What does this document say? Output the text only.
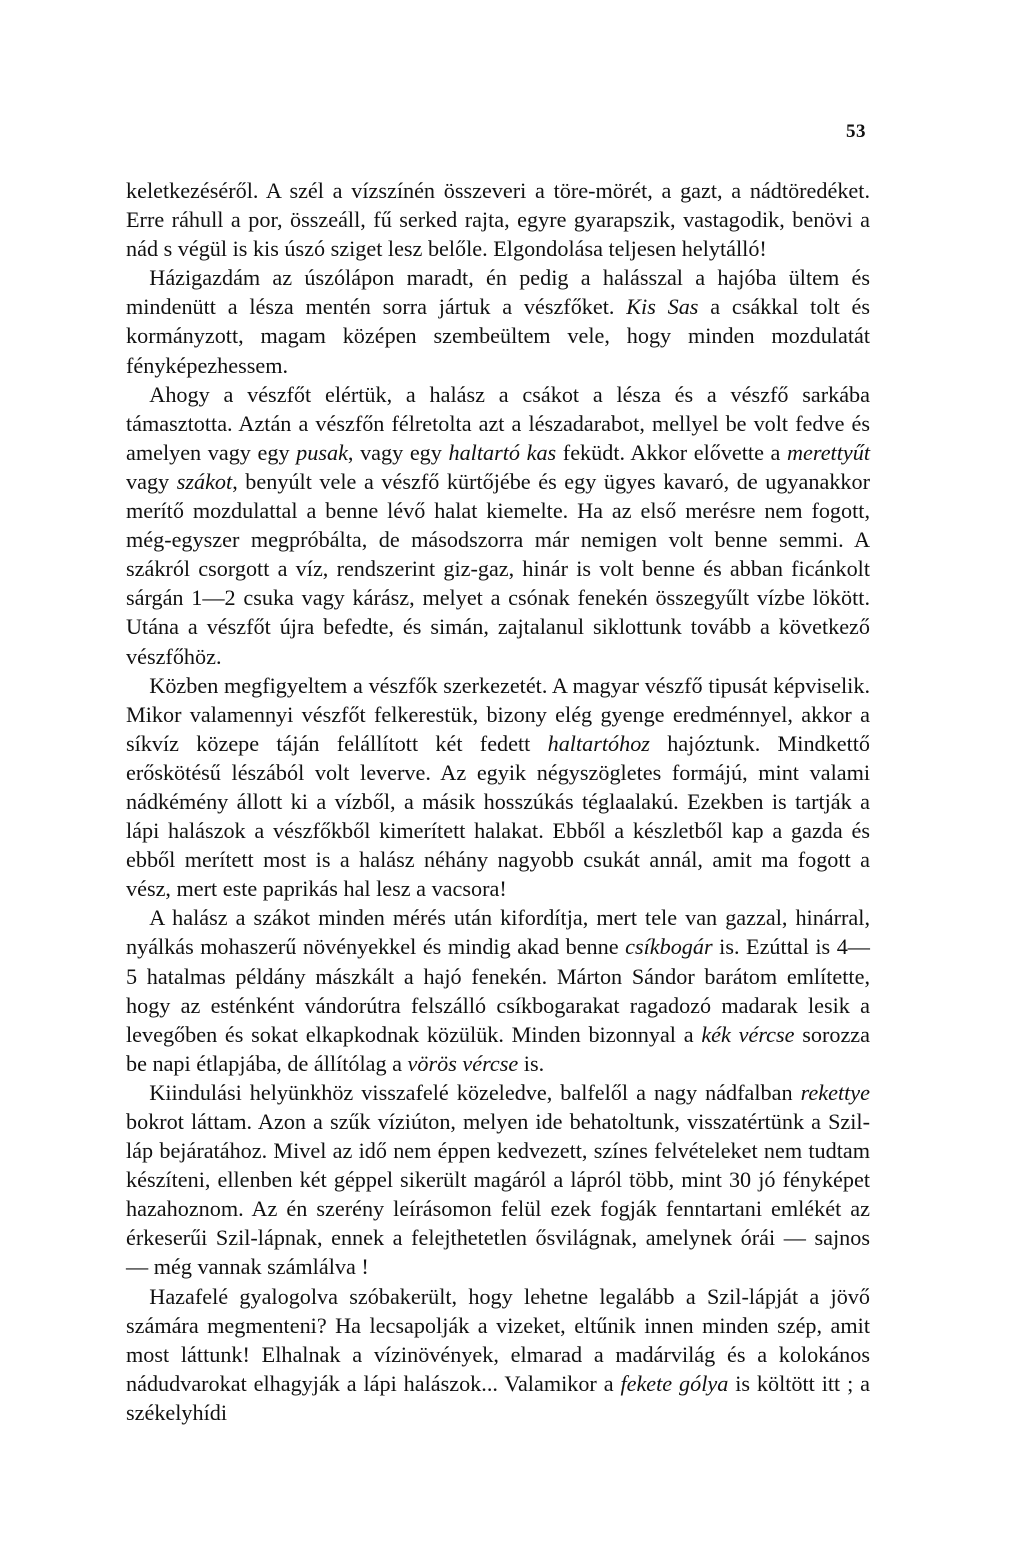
53

keletkezéséről. A szél a vízszínén összeveri a töre-mörét, a gazt, a nádtöredéket. Erre ráhull a por, összeáll, fű serked rajta, egyre gyarapszik, vastagodik, benövi a nád s végül is kis úszó sziget lesz belőle. Elgondolása teljesen helytálló!

Házigazdám az úszólápon maradt, én pedig a halásszal a hajóba ültem és mindenütt a lésza mentén sorra jártuk a vészfőket. Kis Sas a csákkal tolt és kormányzott, magam középen szembeültem vele, hogy minden mozdulatát fényképezhessem.

Ahogy a vészfőt elértük, a halász a csákot a lésza és a vészfő sarkába támasztotta. Aztán a vészfőn félretolta azt a lészadarabot, mellyel be volt fedve és amelyen vagy egy pusak, vagy egy haltartó kas feküdt. Akkor elővette a merettyűt vagy szákot, benyúlt vele a vészfő kürtőjébe és egy ügyes kavaró, de ugyanakkor merítő mozdulattal a benne lévő halat kiemelte. Ha az első merésre nem fogott, még-egyszer megpróbálta, de másodszorra már nemigen volt benne semmi. A szákról csorgott a víz, rendszerint giz-gaz, hinár is volt benne és abban ficánkolt sárgán 1—2 csuka vagy kárász, melyet a csónak fenekén összegyűlt vízbe lökött. Utána a vészfőt újra befedte, és simán, zajtalanul siklottunk tovább a következő vészfőhöz.

Közben megfigyeltem a vészfők szerkezetét. A magyar vészfő tipusát képviselik. Mikor valamennyi vészfőt felkerestük, bizony elég gyenge eredménnyel, akkor a síkvíz közepe táján felállított két fedett haltartóhoz hajóztunk. Mindkettő erőskötésű lészából volt leverve. Az egyik négyszögletes formájú, mint valami nádkémény állott ki a vízből, a másik hosszúkás téglaalakú. Ezekben is tartják a lápi halászok a vészfőkből kimerített halakat. Ebből a készletből kap a gazda és ebből merített most is a halász néhány nagyobb csukát annál, amit ma fogott a vész, mert este paprikás hal lesz a vacsora!

A halász a szákot minden mérés után kifordítja, mert tele van gazzal, hinárral, nyálkás mohaszerű növényekkel és mindig akad benne csíkbogár is. Ezúttal is 4—5 hatalmas példány mászkált a hajó fenekén. Márton Sándor barátom említette, hogy az esténként vándorútra felszálló csíkbogarakat ragadozó madarak lesik a levegőben és sokat elkapkodnak közülük. Minden bizonnyal a kék vércse sorozza be napi étlapjába, de állítólag a vörös vércse is.

Kiindulási helyünkhöz visszafelé közeledve, balfelől a nagy nádfalban rekettye bokrot láttam. Azon a szűk víziúton, melyen ide behatoltunk, visszatértünk a Szil-láp bejáratához. Mivel az idő nem éppen kedvezett, színes felvételeket nem tudtam készíteni, ellenben két géppel sikerült magáról a lápról több, mint 30 jó fényképet hazahoznom. Az én szerény leírásomon felül ezek fogják fenntartani emlékét az érkeserűi Szil-lápnak, ennek a felejthetetlen ősvilágnak, amelynek órái — sajnos — még vannak számlálva !

Hazafelé gyalogolva szóbakerült, hogy lehetne legalább a Szil-lápját a jövő számára megmenteni? Ha lecsapolják a vizeket, eltűnik innen minden szép, amit most láttunk! Elhalnak a vízinövények, elmarad a madárvilág és a kolokános nádudvarokat elhagyják a lápi halászok... Valamikor a fekete gólya is költött itt ; a székelyhídi
